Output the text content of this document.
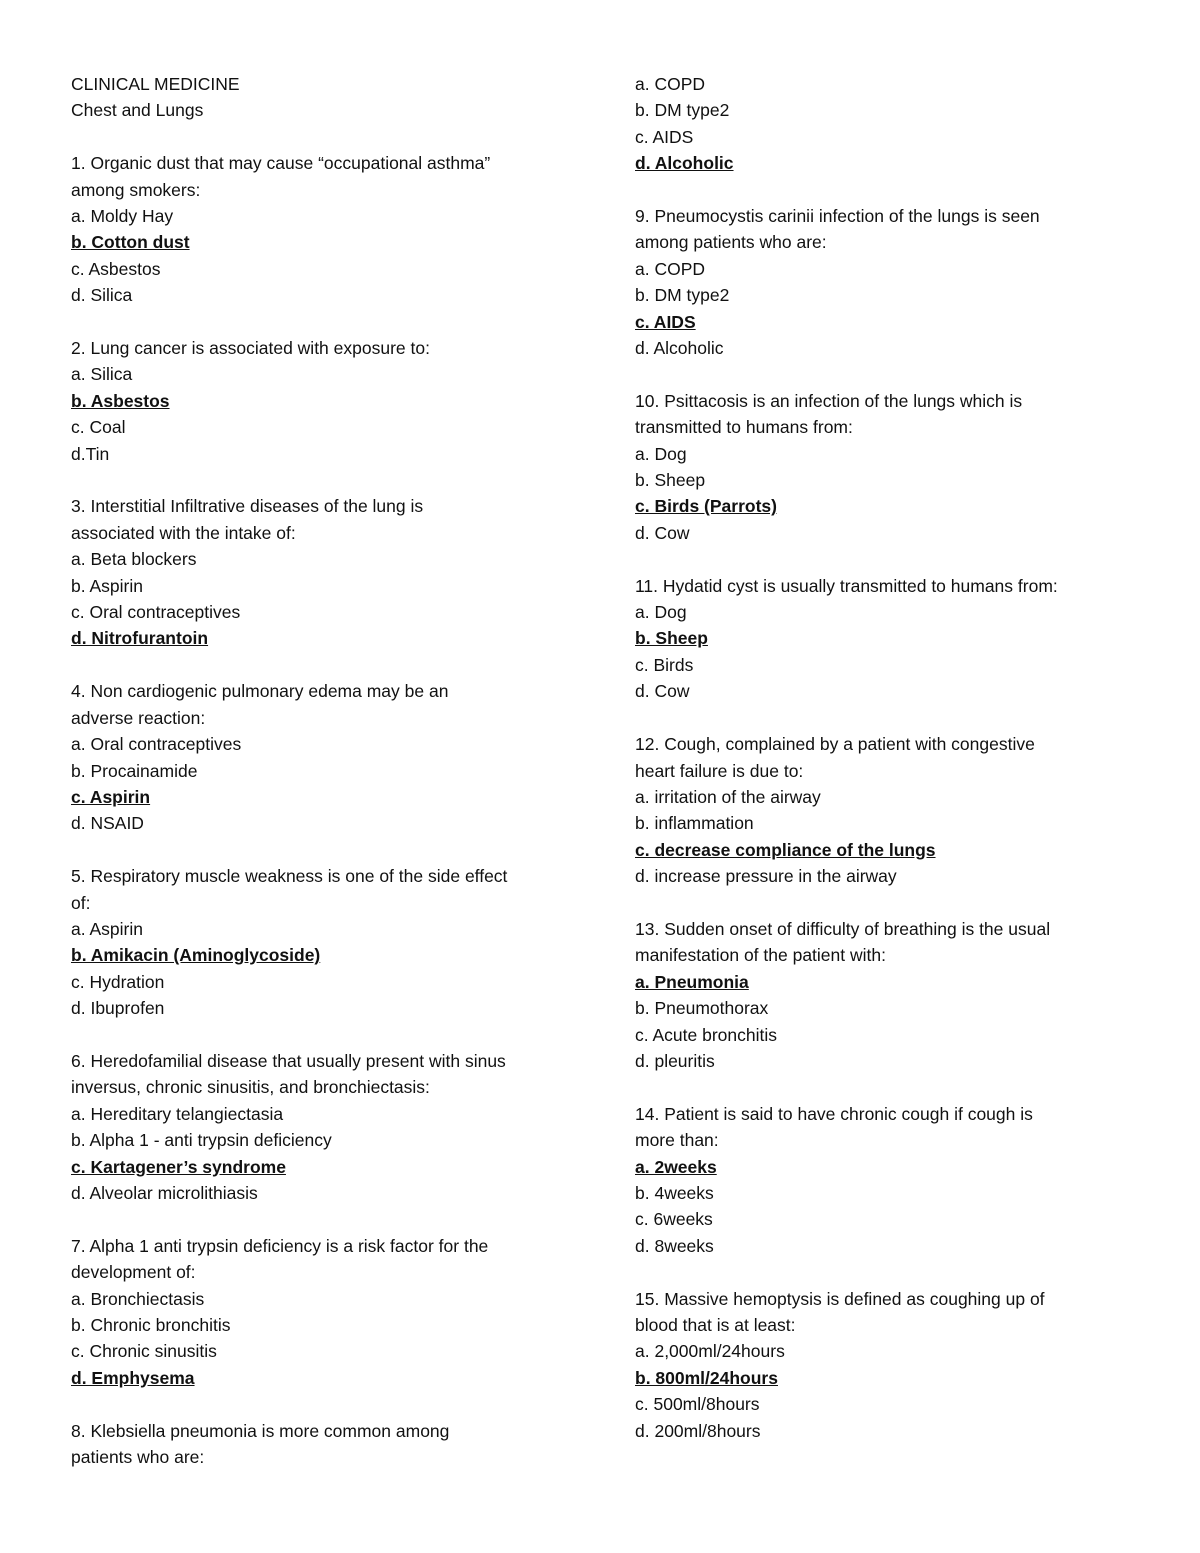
CLINICAL MEDICINE
Chest and Lungs
1. Organic dust that may cause “occupational asthma”
among smokers:
a. Moldy Hay
b. Cotton dust
c. Asbestos
d. Silica
2. Lung cancer is associated with exposure to:
a. Silica
b. Asbestos
c. Coal
d.Tin
3. Interstitial Infiltrative diseases of the lung is
associated with the intake of:
a. Beta blockers
b. Aspirin
c. Oral contraceptives
d. Nitrofurantoin
4. Non cardiogenic pulmonary edema may be an
adverse reaction:
a. Oral contraceptives
b. Procainamide
c. Aspirin
d. NSAID
5. Respiratory muscle weakness is one of the side effect
of:
a. Aspirin
b. Amikacin (Aminoglycoside)
c. Hydration
d. Ibuprofen
6. Heredofamilial disease that usually present with sinus
inversus, chronic sinusitis, and bronchiectasis:
a. Hereditary telangiectasia
b. Alpha 1 - anti trypsin deficiency
c. Kartagener’s syndrome
d. Alveolar microlithiasis
7. Alpha 1 anti trypsin deficiency is a risk factor for the
development of:
a. Bronchiectasis
b. Chronic bronchitis
c. Chronic sinusitis
d. Emphysema
8. Klebsiella pneumonia is more common among
patients who are:
a. COPD
b. DM type2
c. AIDS
d. Alcoholic
9. Pneumocystis carinii infection of the lungs is seen
among patients who are:
a. COPD
b. DM type2
c. AIDS
d. Alcoholic
10. Psittacosis is an infection of the lungs which is
transmitted to humans from:
a. Dog
b. Sheep
c. Birds (Parrots)
d. Cow
11. Hydatid cyst is usually transmitted to humans from:
a. Dog
b. Sheep
c. Birds
d. Cow
12. Cough, complained by a patient with congestive
heart failure is due to:
a. irritation of the airway
b. inflammation
c. decrease compliance of the lungs
d. increase pressure in the airway
13. Sudden onset of difficulty of breathing is the usual
manifestation of the patient with:
a. Pneumonia
b. Pneumothorax
c. Acute bronchitis
d. pleuritis
14. Patient is said to have chronic cough if cough is
more than:
a. 2weeks
b. 4weeks
c. 6weeks
d. 8weeks
15. Massive hemoptysis is defined as coughing up of
blood that is at least:
a. 2,000ml/24hours
b. 800ml/24hours
c. 500ml/8hours
d. 200ml/8hours
